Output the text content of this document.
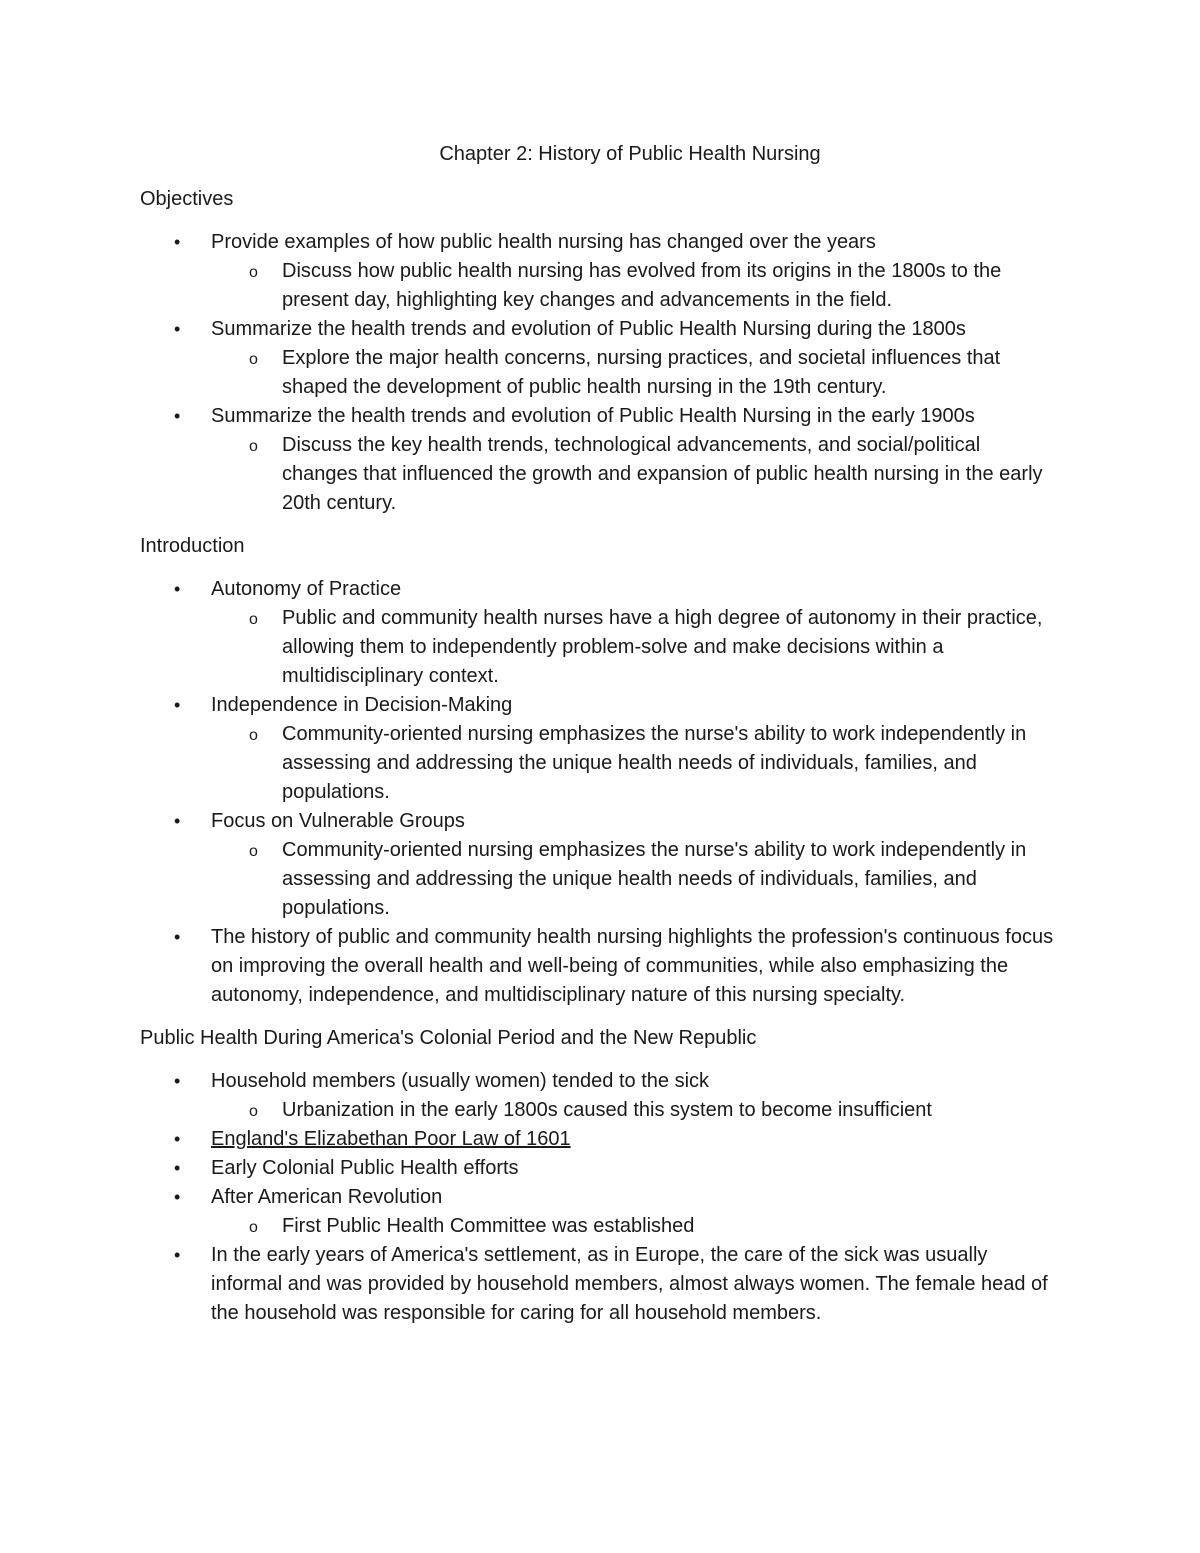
Chapter 2: History of Public Health Nursing
Objectives
•	Provide examples of how public health nursing has changed over the years
o Discuss how public health nursing has evolved from its origins in the 1800s to the present day, highlighting key changes and advancements in the field.
•	Summarize the health trends and evolution of Public Health Nursing during the 1800s
o Explore the major health concerns, nursing practices, and societal influences that shaped the development of public health nursing in the 19th century.
•	Summarize the health trends and evolution of Public Health Nursing in the early 1900s
o Discuss the key health trends, technological advancements, and social/political changes that influenced the growth and expansion of public health nursing in the early 20th century.
Introduction
•	Autonomy of Practice
o Public and community health nurses have a high degree of autonomy in their practice, allowing them to independently problem-solve and make decisions within a multidisciplinary context.
•	Independence in Decision-Making
o Community-oriented nursing emphasizes the nurse's ability to work independently in assessing and addressing the unique health needs of individuals, families, and populations.
•	Focus on Vulnerable Groups
o Community-oriented nursing emphasizes the nurse's ability to work independently in assessing and addressing the unique health needs of individuals, families, and populations.
•	The history of public and community health nursing highlights the profession's continuous focus on improving the overall health and well-being of communities, while also emphasizing the autonomy, independence, and multidisciplinary nature of this nursing specialty.
Public Health During America's Colonial Period and the New Republic
•	Household members (usually women) tended to the sick
o Urbanization in the early 1800s caused this system to become insufficient
•	England's Elizabethan Poor Law of 1601
•	Early Colonial Public Health efforts
•	After American Revolution
o First Public Health Committee was established
•	In the early years of America's settlement, as in Europe, the care of the sick was usually informal and was provided by household members, almost always women. The female head of the household was responsible for caring for all household members.
